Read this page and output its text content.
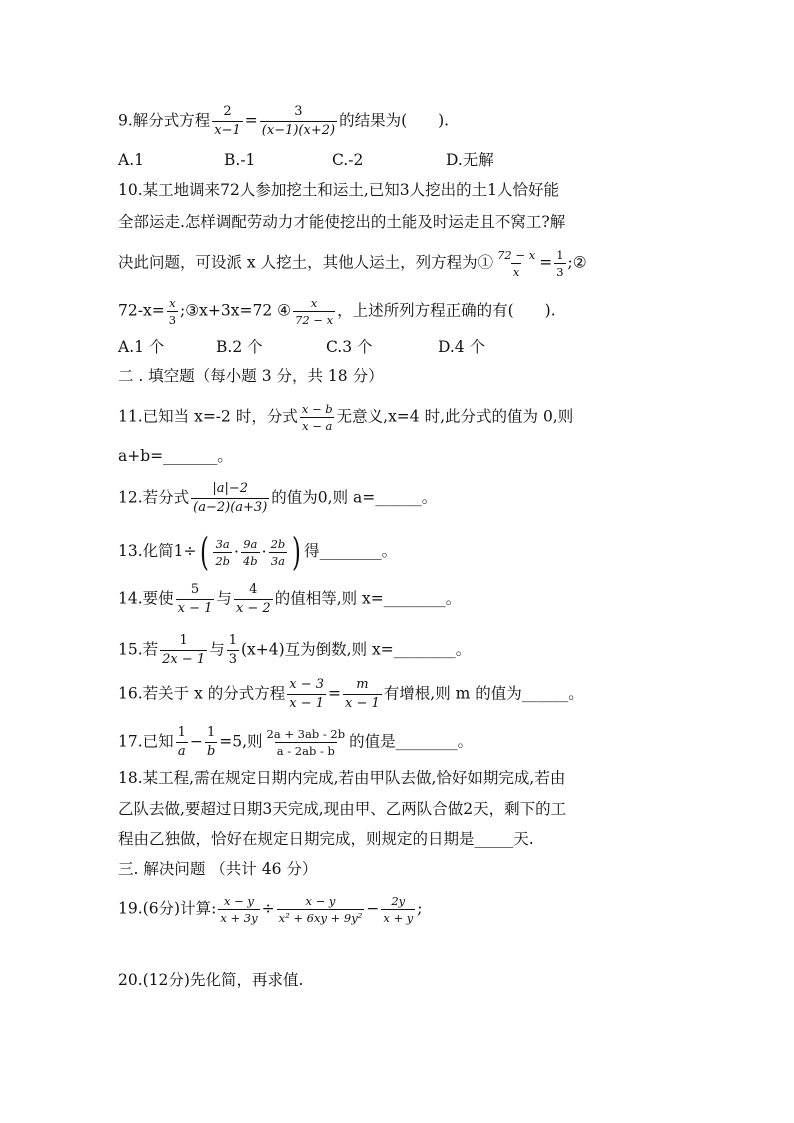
9.解分式方程 $\frac{2}{x-1} = \frac{3}{(x-1)(x+2)}$ 的结果为(　　).
A.1	B.-1	C.-2	D.无解
10.某工地调来72人参加挖土和运土,已知3人挖出的土1人恰好能
全部运走.怎样调配劳动力才能使挖出的土能及时运走且不窝工?解
决此问题，可设派 x 人挖土，其他人运土，列方程为① $\frac{72 - x}{x} = \frac{1}{3}$ ;②
$72-x= \frac{x}{3}$ ;③x+3x=72 ④ $\frac{x}{72 - x}$ ，上述所列方程正确的有(　　).
A.1 个	B.2 个	C.3 个	D.4 个
二 . 填空题（每小题 3 分，共 18 分）
11.已知当 x=-2 时，分式 $\frac{x - b}{x - a}$ 无意义,x=4 时,此分式的值为 0,则
a+b=_______。
12.若分式 $\frac{|a|-2}{(a-2)(a+3)}$ 的值为0,则 a=______。
13.化简1÷ ( $\frac{3a}{2b} \cdot \frac{9a}{4b} \cdot \frac{2b}{3a}$ ) 得________。
14.要使 $\frac{5}{x - 1}$ 与 $\frac{4}{x - 2}$ 的值相等,则 x=________。
15.若 $\frac{1}{2x - 1}$ 与 $\frac{1}{3} (x+4)$互为倒数,则 x=________。
16.若关于 x 的分式方程 $\frac{x - 3}{x - 1} = \frac{m}{x - 1}$ 有增根,则 m 的值为______。
17.已知 $\frac{1}{a} - \frac{1}{b} =5$,则 $\frac{2a + 3ab - 2b}{a - 2ab - b}$ 的值是________。
18.某工程,需在规定日期内完成,若由甲队去做,恰好如期完成,若由
乙队去做,要超过日期3天完成,现由甲、乙两队合做2天，剩下的工
程由乙独做，恰好在规定日期完成，则规定的日期是_____天.
三. 解决问题 （共计 46 分）
19.(6分)计算: $\frac{x - y}{x + 3y} \div \frac{x - y}{\text{x² + 6xy + 9y²}} - \frac{2y}{x + y}$ ;
20.(12分)先化简，再求值.
